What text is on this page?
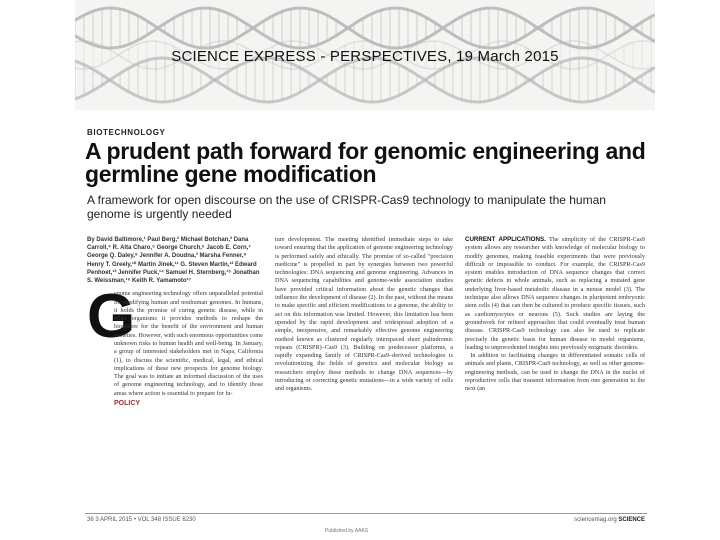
SCIENCE EXPRESS - PERSPECTIVES, 19 March 2015
BIOTECHNOLOGY
A prudent path forward for genomic engineering and germline gene modification
A framework for open discourse on the use of CRISPR-Cas9 technology to manipulate the human genome is urgently needed
By David Baltimore,¹ Paul Berg,² Michael Botchan,³ Dana Carroll,⁴ R. Alta Charo,⁵ George Church,⁶ Jacob E. Corn,⁷ George Q. Daley,⁸ Jennifer A. Doudna,³ Marsha Fenner,⁹ Henry T. Greely,¹⁰ Martin Jinek,¹¹ G. Steven Martin,¹² Edward Penhoet,¹³ Jennifer Puck,¹⁴ Samuel H. Sternberg,¹⁵ Jonathan S. Weissman,¹⁶ Keith R. Yamamoto¹⁷
G
enome engineering technology offers unparalleled potential for modifying human and nonhuman genomes. In humans, it holds the promise of curing genetic disease, while in other organisms it provides methods to reshape the biosphere for the benefit of the environment and human societies. However, with such enormous opportunities come unknown risks to human health and well-being. In January, a group of interested stakeholders met in Napa, California (1), to discuss the scientific, medical, legal, and ethical implications of these new prospects for genome biology. The goal was to initiate an informed discussion of the uses of genome engineering technology, and to identify those areas where action is essential to prepare for fu-
POLICY
ture development. The meeting identified immediate steps to take toward ensuring that the application of genome engineering technology is performed safely and ethically. The promise of so-called "precision medicine" is propelled in part by synergies between two powerful technologies: DNA sequencing and genome engineering. Advances in DNA sequencing capabilities and genome-wide association studies have provided critical information about the genetic changes that influence the development of disease (2). In the past, without the means to make specific and efficient modifications to a genome, the ability to act on this information was limited. However, this limitation has been upended by the rapid development and widespread adoption of a simple, inexpensive, and remarkably effective genome engineering method known as clustered regularly interspaced short palindromic repeats (CRISPR)–Cas9 (3). Building on predecessor platforms, a rapidly expanding family of CRISPR-Cas9–derived technologies is revolutionizing the fields of genetics and molecular biology as researchers employ these methods to change DNA sequences—by introducing or correcting genetic mutations—in a wide variety of cells and organisms.
CURRENT APPLICATIONS. The simplicity of the CRISPR-Cas9 system allows any researcher with knowledge of molecular biology to modify genomes, making feasible experiments that were previously difficult or impossible to conduct. For example, the CRISPR-Cas9 system enables introduction of DNA sequence changes that correct genetic defects in whole animals, such as replacing a mutated gene underlying liver-based metabolic disease in a mouse model (3). The technique also allows DNA sequence changes in pluripotent embryonic stem cells (4) that can then be cultured to produce specific tissues, such as cardiomyocytes or neurons (5). Such studies are laying the groundwork for refined approaches that could eventually treat human disease. CRISPR-Cas9 technology can also be used to replicate precisely the genetic basis for human disease in model organisms, leading to unprecedented insights into previously enigmatic disorders.
In addition to facilitating changes in differentiated somatic cells of animals and plants, CRISPR-Cas9 technology, as well as other genome-engineering methods, can be used to change the DNA in the nuclei of reproductive cells that transmit information from one generation to the next (an
36 3 APRIL 2015 • VOL 348 ISSUE 6230
Published by AAAS
sciencemag.org SCIENCE
